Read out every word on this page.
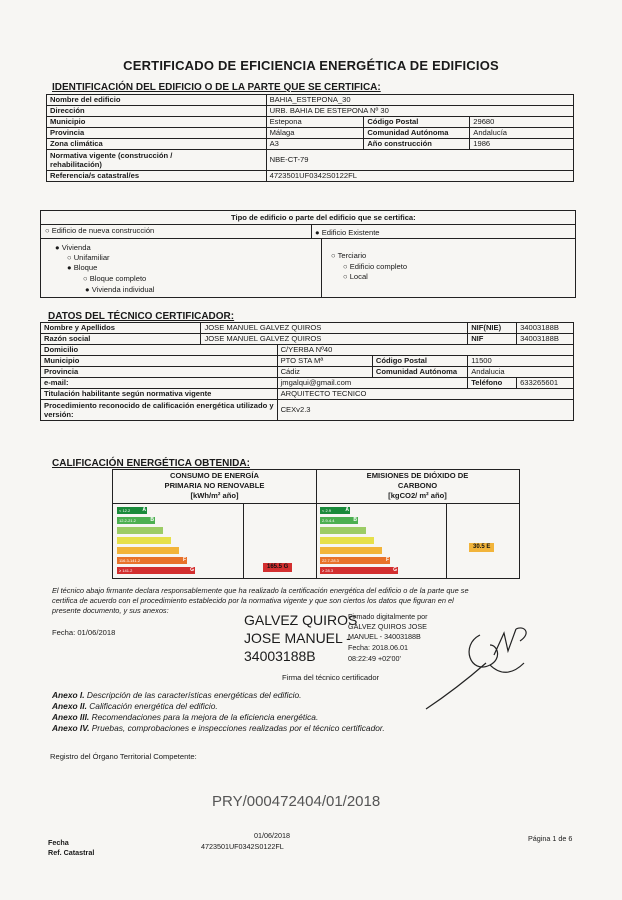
CERTIFICADO DE EFICIENCIA ENERGÉTICA DE EDIFICIOS
IDENTIFICACIÓN DEL EDIFICIO O DE LA PARTE QUE SE CERTIFICA:
Nombre del edificio	BAHIA_ESTEPONA_30		
Dirección	URB. BAHIA DE ESTEPONA Nº 30		
Municipio	Estepona	Código Postal	29680
Provincia	Málaga	Comunidad Autónoma	Andalucía
Zona climática	A3	Año construcción	1986

Normativa vigente (construcción /
rehabilitación)	NBE-CT-79		
Referencia/s catastral/es	4723501UF0342S0122FL		
Tipo de edificio o parte del edificio que se certifica:
○ Edificio de nueva construcción	● Edificio Existente
● Vivienda
○ Unifamiliar
● Bloque
○ Bloque completo
● Vivienda individual
○ Terciario
○ Edificio completo
○ Local
DATOS DEL TÉCNICO CERTIFICADOR:
Nombre y Apellidos	JOSE MANUEL GALVEZ QUIROS			NIF(NIE)	34003188B
Razón social	JOSE MANUEL GALVEZ QUIROS			NIF	34003188B
Domicilio		C/YERBA Nº40			
Municipio		PTO STA Mª	Código Postal	11500	
Provincia		Cádiz	Comunidad Autónoma	Andalucia	
e-mail:		jmgalqui@gmail.com		Teléfono	633265601
Titulación habilitante según normativa vigente		ARQUITECTO TECNICO			

Procedimiento reconocido de calificación energética utilizado y
versión:		CEXv2.3			
CALIFICACIÓN ENERGÉTICA OBTENIDA:
CONSUMO DE ENERGÍA
PRIMARIA NO RENOVABLE
[kWh/m² año]
EMISIONES DE DIÓXIDO DE
CARBONO
[kgCO2/ m² año]
< 12.2 A
12.2-21.2	B
116.3-141.2	F
≥ 141.2	G
< 2.9	A
2.9-4.4	B
22.7-28.3	F
≥ 28.3	G
165.5 G
30.5 E
El técnico abajo firmante declara responsablemente que ha realizado la certificación energética del edificio o de la parte que se
certifica de acuerdo con el procedimiento establecido por la normativa vigente y que son ciertos los datos que figuran en el
presente documento, y sus anexos:
Fecha: 01/06/2018
GALVEZ QUIROS
JOSE MANUEL -
34003188B
Firmado digitalmente por
GALVEZ QUIROS JOSE
MANUEL - 34003188B
Fecha: 2018.06.01
08:22:49 +02'00'
Firma del técnico certificador
Anexo I. Descripción de las características energéticas del edificio.
Anexo II. Calificación energética del edificio.
Anexo III. Recomendaciones para la mejora de la eficiencia energética.
Anexo IV. Pruebas, comprobaciones e inspecciones realizadas por el técnico certificador.
Registro del Órgano Territorial Competente:
PRY/000472404/01/2018
Fecha
Ref. Catastral
01/06/2018
4723501UF0342S0122FL
Página 1 de 6
